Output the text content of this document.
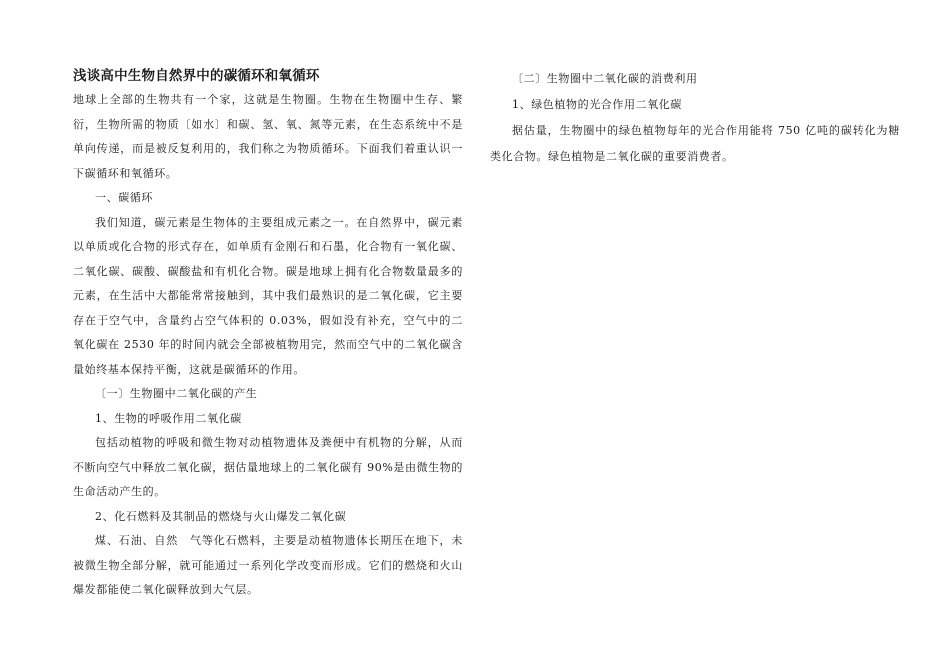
浅谈高中生物自然界中的碳循环和氧循环

地球上全部的生物共有一个家，这就是生物圈。生物在生物圈中生存、繁衍，生物所需的物质〔如水〕和碳、氢、氧、氮等元素，在生态系统中不是单向传递，而是被反复利用的，我们称之为物质循环。下面我们着重认识一下碳循环和氧循环。

一、碳循环

我们知道，碳元素是生物体的主要组成元素之一。在自然界中，碳元素以单质或化合物的形式存在，如单质有金刚石和石墨，化合物有一氧化碳、二氧化碳、碳酸、碳酸盐和有机化合物。碳是地球上拥有化合物数量最多的元素，在生活中大都能常常接触到，其中我们最熟识的是二氧化碳，它主要存在于空气中，含量约占空气体积的 0.03%，假如没有补充，空气中的二氧化碳在 2530 年的时间内就会全部被植物用完，然而空气中的二氧化碳含量始终基本保持平衡，这就是碳循环的作用。

〔一〕生物圈中二氧化碳的产生

1、生物的呼吸作用二氧化碳

包括动植物的呼吸和微生物对动植物遗体及粪便中有机物的分解，从而不断向空气中释放二氧化碳，据估量地球上的二氧化碳有 90%是由微生物的生命活动产生的。

2、化石燃料及其制品的燃烧与火山爆发二氧化碳

煤、石油、自然　气等化石燃料，主要是动植物遗体长期压在地下，未被微生物全部分解，就可能通过一系列化学改变而形成。它们的燃烧和火山爆发都能使二氧化碳释放到大气层。

〔二〕生物圈中二氧化碳的消费利用

1、绿色植物的光合作用二氧化碳

据估量，生物圈中的绿色植物每年的光合作用能将 750 亿吨的碳转化为糖类化合物。绿色植物是二氧化碳的重要消费者。
